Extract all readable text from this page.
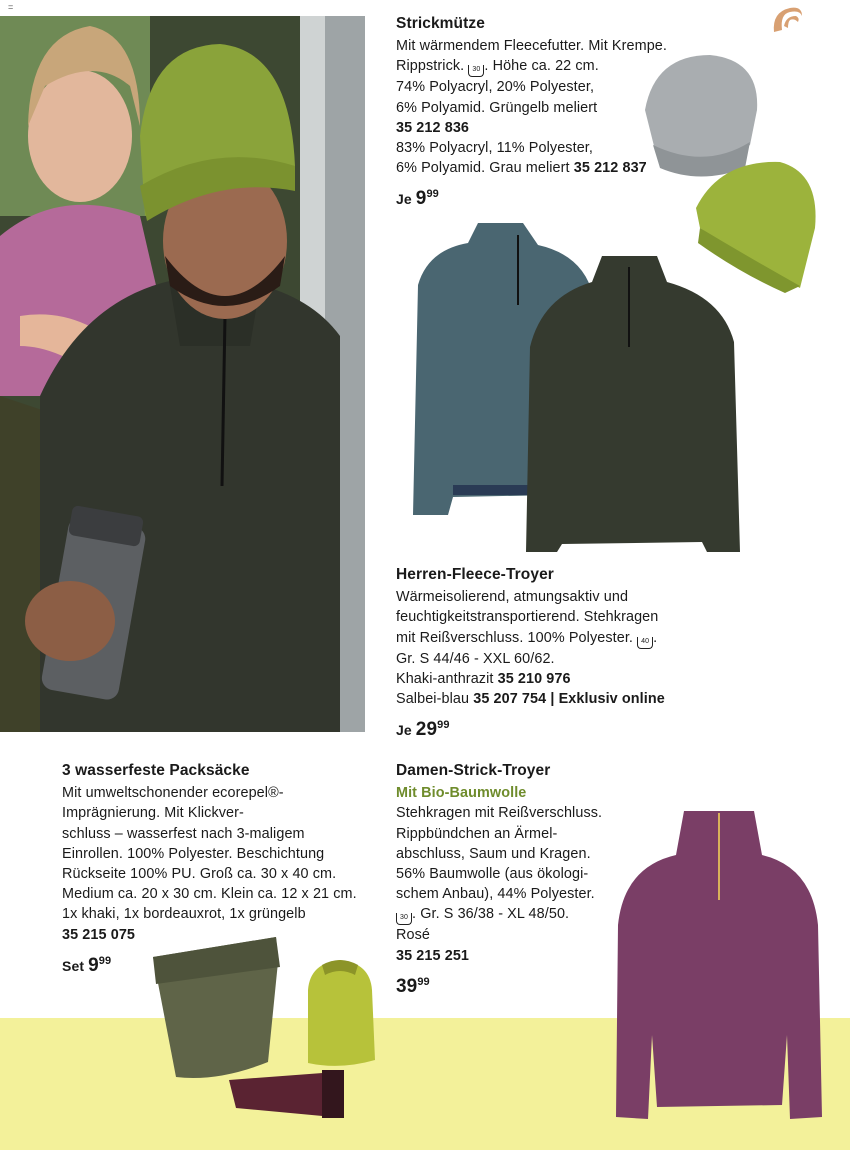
=
Strickmütze
Mit wärmendem Fleecefutter. Mit Krempe.
Rippstrick. 30 . Höhe ca. 22 cm.
74% Polyacryl, 20% Polyester,
6% Polyamid. Grüngelb meliert
35 212 836
83% Polyacryl, 11% Polyester,
6% Polyamid. Grau meliert 35 212 837
Je $9^{99}$
Herren-Fleece-Troyer
Wärmeisolierend, atmungsaktiv und
feuchtigkeitstransportierend. Stehkragen
mit Reißverschluss. 100% Polyester. 40 .
Gr. S 44/46 - XXL 60/62.
Khaki-anthrazit 35 210 976
Salbei-blau 35 207 754 | Exklusiv online
Je $29^{99}$
3 wasserfeste Packsäcke
Mit umweltschonender ecorepel®-
Imprägnierung. Mit Klickver-
schluss – wasserfest nach 3-maligem
Einrollen. 100% Polyester. Beschichtung
Rückseite 100% PU. Groß ca. 30 x 40 cm.
Medium ca. 20 x 30 cm. Klein ca. 12 x 21 cm.
1x khaki, 1x bordeauxrot, 1x grüngelb
35 215 075
Set $9^{99}$
Damen-Strick-Troyer
Mit Bio-Baumwolle
Stehkragen mit Reißverschluss.
Rippbündchen an Ärmel-
abschluss, Saum und Kragen.
56% Baumwolle (aus ökologi-
schem Anbau), 44% Polyester.
30 . Gr. S 36/38 - XL 48/50.
Rosé
35 215 251
$39^{99}$
